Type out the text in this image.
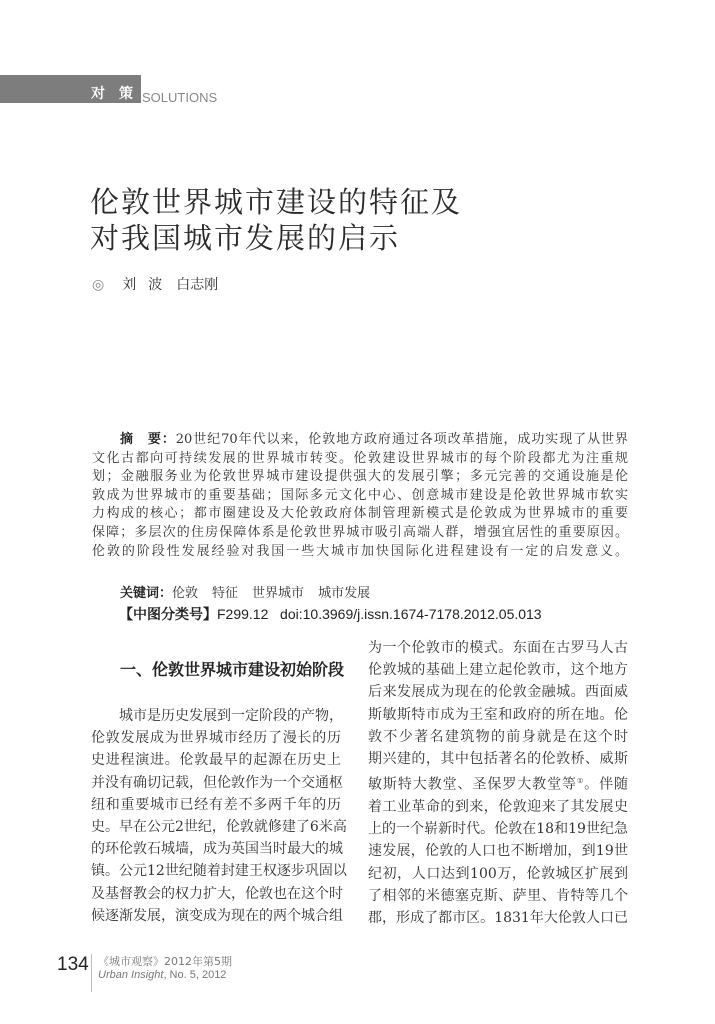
对 策 SOLUTIONS
伦敦世界城市建设的特征及
对我国城市发展的启示
◎ 刘波 白志刚
摘　要：20世纪70年代以来，伦敦地方政府通过各项改革措施，成功实现了从世界
文化古都向可持续发展的世界城市转变。伦敦建设世界城市的每个阶段都尤为注重规
划；金融服务业为伦敦世界城市建设提供强大的发展引擎；多元完善的交通设施是伦
敦成为世界城市的重要基础；国际多元文化中心、创意城市建设是伦敦世界城市软实
力构成的核心；都市圈建设及大伦敦政府体制管理新模式是伦敦成为世界城市的重要
保障；多层次的住房保障体系是伦敦世界城市吸引高端人群，增强宜居性的重要原因。
伦敦的阶段性发展经验对我国一些大城市加快国际化进程建设有一定的启发意义。
关键词：伦敦 特征 世界城市 城市发展
【中图分类号】F299.12 doi:10.3969/j.issn.1674-7178.2012.05.013
一、伦敦世界城市建设初始阶段
城市是历史发展到一定阶段的产物，
伦敦发展成为世界城市经历了漫长的历
史进程演进。伦敦最早的起源在历史上
并没有确切记载，但伦敦作为一个交通枢
纽和重要城市已经有差不多两千年的历
史。早在公元2世纪，伦敦就修建了6米高
的环伦敦石城墙，成为英国当时最大的城
镇。公元12世纪随着封建王权逐步巩固以
及基督教会的权力扩大，伦敦也在这个时
候逐渐发展，演变成为现在的两个城合组
为一个伦敦市的模式。东面在古罗马人古
伦敦城的基础上建立起伦敦市，这个地方
后来发展成为现在的伦敦金融城。西面威
斯敏斯特市成为王室和政府的所在地。伦
敦不少著名建筑物的前身就是在这个时
期兴建的，其中包括著名的伦敦桥、威斯
敏斯特大教堂、圣保罗大教堂等①。伴随
着工业革命的到来，伦敦迎来了其发展史
上的一个崭新时代。伦敦在18和19世纪急
速发展，伦敦的人口也不断增加，到19世
纪初，人口达到100万，伦敦城区扩展到
了相邻的米德塞克斯、萨里、肯特等几个
郡，形成了都市区。1831年大伦敦人口已
134 《城市观察》2012年第5期
Urban Insight, No. 5, 2012
